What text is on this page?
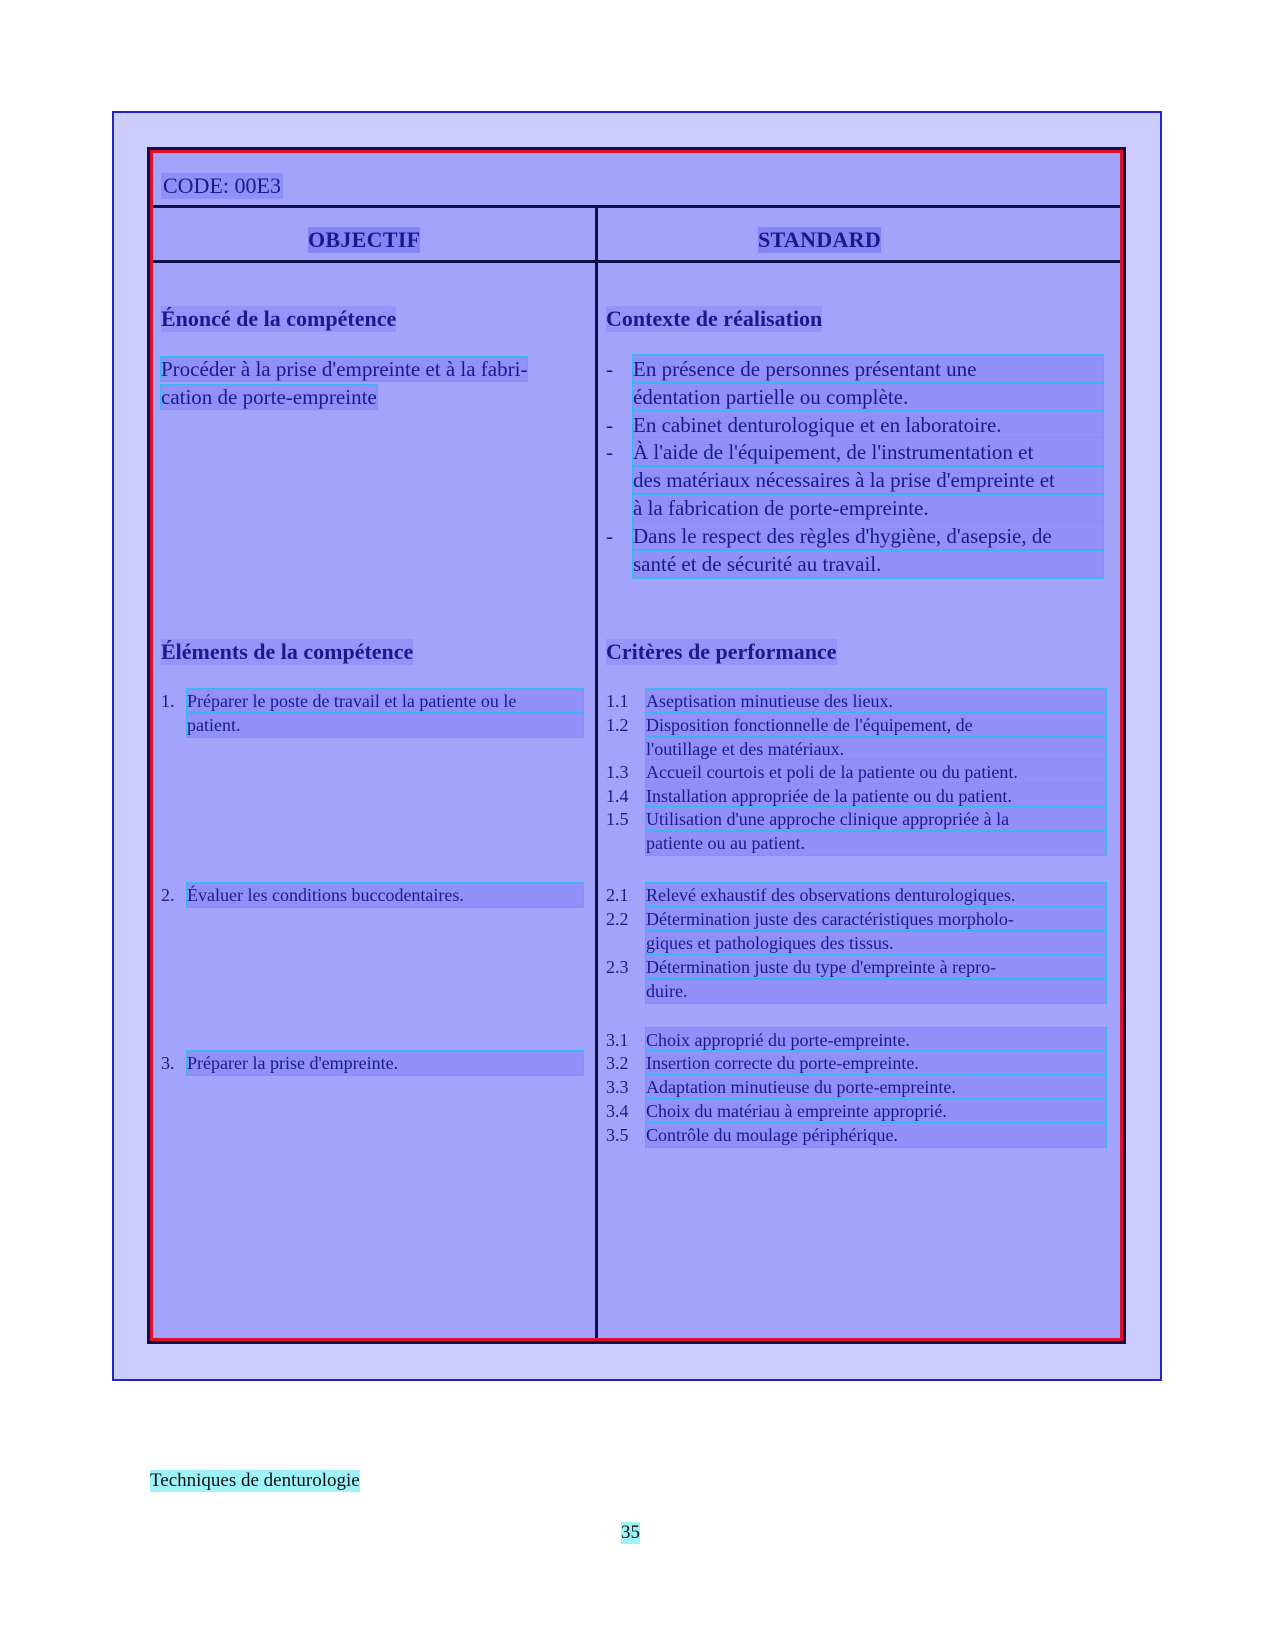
CODE: 00E3
OBJECTIF	STANDARD
Énoncé de la compétence
Procéder à la prise d'empreinte et à la fabri-
cation de porte-empreinte
Contexte de réalisation
- En présence de personnes présentant une
édentation partielle ou complète.
- En cabinet denturologique et en laboratoire.
- À l'aide de l'équipement, de l'instrumentation et
des matériaux nécessaires à la prise d'empreinte et
à la fabrication de porte-empreinte.
- Dans le respect des règles d'hygiène, d'asepsie, de
santé et de sécurité au travail.
Éléments de la compétence
1. Préparer le poste de travail et la patiente ou le
patient.
2. Évaluer les conditions buccodentaires.
3. Préparer la prise d'empreinte.
Critères de performance
1.1 Aseptisation minutieuse des lieux.
1.2 Disposition fonctionnelle de l'équipement, de
l'outillage et des matériaux.
1.3 Accueil courtois et poli de la patiente ou du patient.
1.4 Installation appropriée de la patiente ou du patient.
1.5 Utilisation d'une approche clinique appropriée à la
patiente ou au patient.
2.1 Relevé exhaustif des observations denturologiques.
2.2 Détermination juste des caractéristiques morpholo-
giques et pathologiques des tissus.
2.3 Détermination juste du type d'empreinte à repro-
duire.
3.1 Choix approprié du porte-empreinte.
3.2 Insertion correcte du porte-empreinte.
3.3 Adaptation minutieuse du porte-empreinte.
3.4 Choix du matériau à empreinte approprié.
3.5 Contrôle du moulage périphérique.
Techniques de denturologie
35
